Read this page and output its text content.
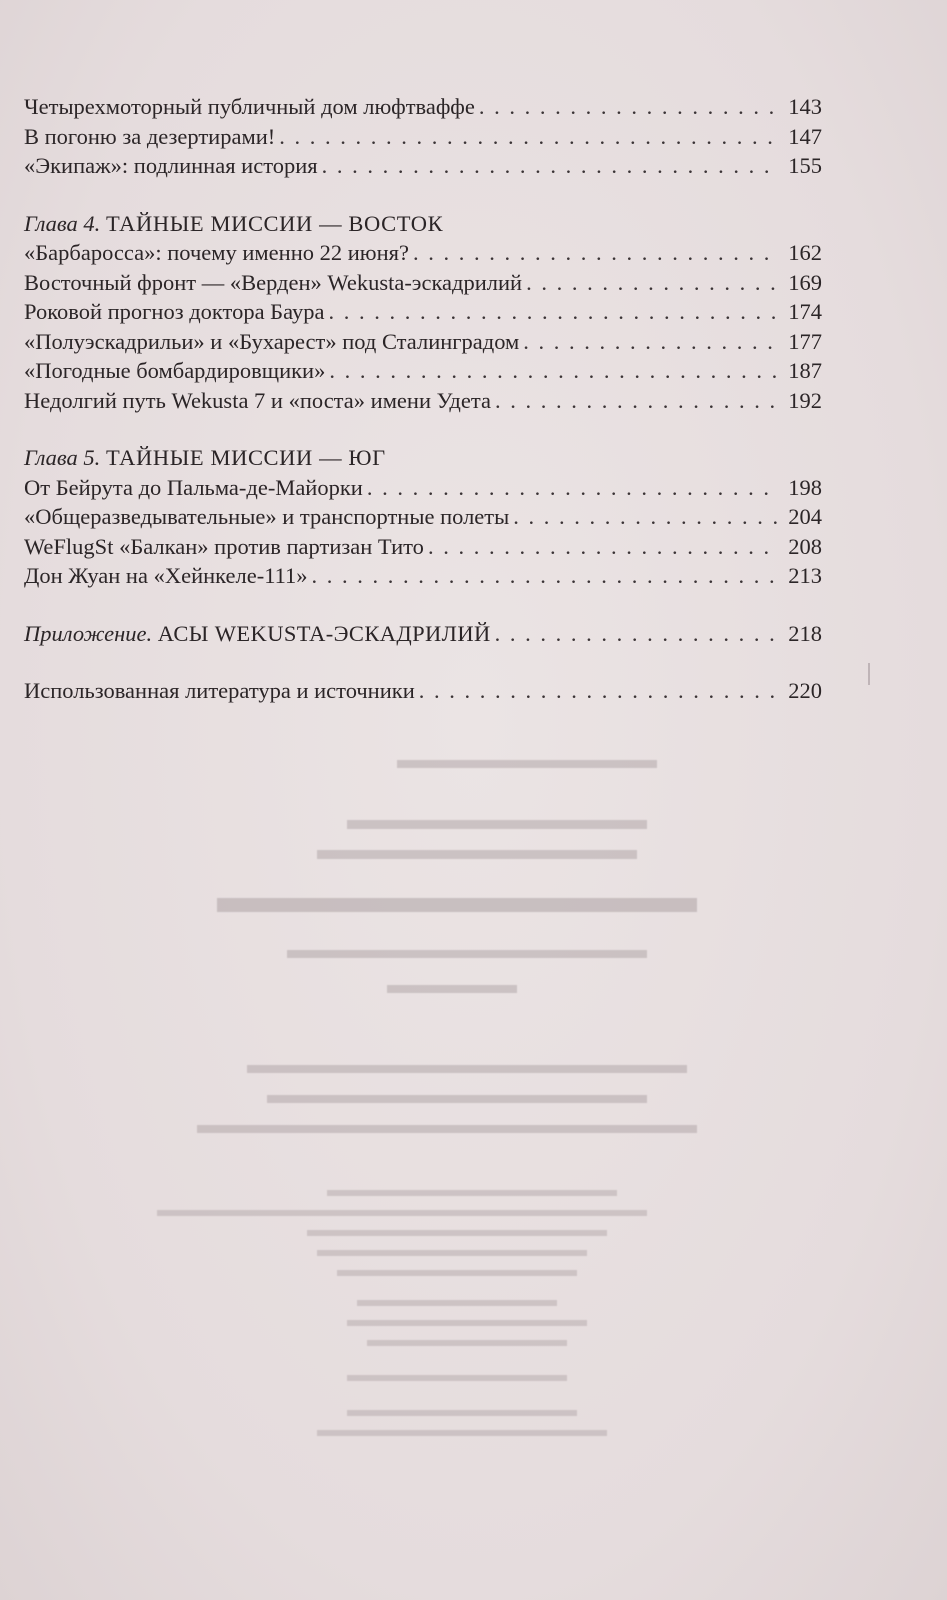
Четырехмоторный публичный дом люфтваффе . . .	143
В погоню за дезертирами! . . .	147
«Экипаж»: подлинная история . . .	155
Глава 4. ТАЙНЫЕ МИССИИ — ВОСТОК
«Барбаросса»: почему именно 22 июня? . . .	162
Восточный фронт — «Верден» Wekusta-эскадрилий . . .	169
Роковой прогноз доктора Баура . . .	174
«Полуэскадрильи» и «Бухарест» под Сталинградом . . .	177
«Погодные бомбардировщики» . . .	187
Недолгий путь Wekusta 7 и «поста» имени Удета . . .	192
Глава 5. ТАЙНЫЕ МИССИИ — ЮГ
От Бейрута до Пальма-де-Майорки . . .	198
«Общеразведывательные» и транспортные полеты . . .	204
WeFlugSt «Балкан» против партизан Тито . . .	208
Дон Жуан на «Хейнкеле-111» . . .	213
Приложение. АСЫ WEKUSTA-ЭСКАДРИЛИЙ . . .	218
Использованная литература и источники . . .	220
